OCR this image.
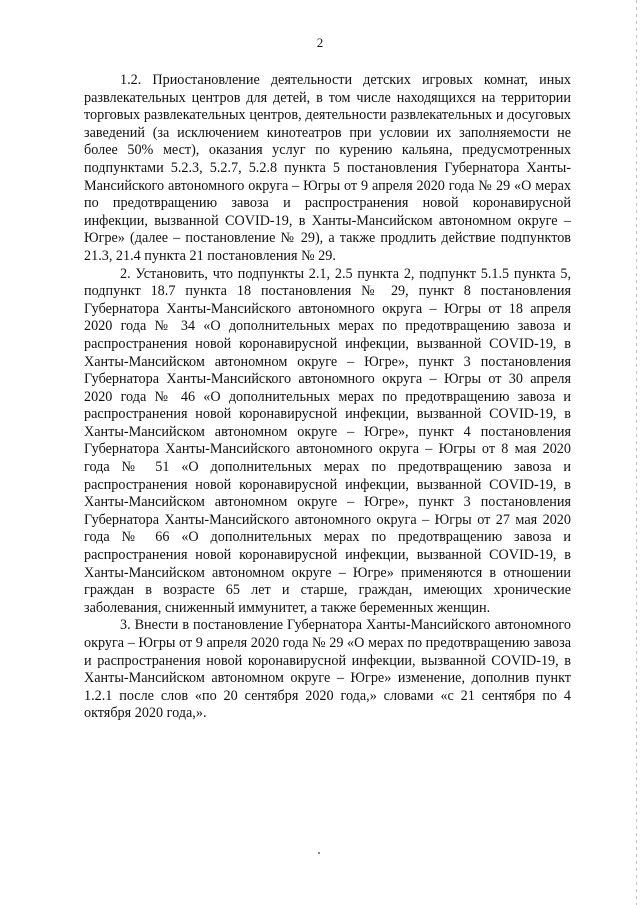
2

1.2. Приостановление деятельности детских игровых комнат, иных развлекательных центров для детей, в том числе находящихся на территории торговых развлекательных центров, деятельности развлекательных и досуговых заведений (за исключением кинотеатров при условии их заполняемости не более 50% мест), оказания услуг по курению кальяна, предусмотренных подпунктами 5.2.3, 5.2.7, 5.2.8 пункта 5 постановления Губернатора Ханты-Мансийского автономного округа – Югры от 9 апреля 2020 года № 29 «О мерах по предотвращению завоза и распространения новой коронавирусной инфекции, вызванной COVID-19, в Ханты-Мансийском автономном округе – Югре» (далее – постановление № 29), а также продлить действие подпунктов 21.3, 21.4 пункта 21 постановления № 29.

2. Установить, что подпункты 2.1, 2.5 пункта 2, подпункт 5.1.5 пункта 5, подпункт 18.7 пункта 18 постановления № 29, пункт 8 постановления Губернатора Ханты-Мансийского автономного округа – Югры от 18 апреля 2020 года № 34 «О дополнительных мерах по предотвращению завоза и распространения новой коронавирусной инфекции, вызванной COVID-19, в Ханты-Мансийском автономном округе – Югре», пункт 3 постановления Губернатора Ханты-Мансийского автономного округа – Югры от 30 апреля 2020 года № 46 «О дополнительных мерах по предотвращению завоза и распространения новой коронавирусной инфекции, вызванной COVID-19, в Ханты-Мансийском автономном округе – Югре», пункт 4 постановления Губернатора Ханты-Мансийского автономного округа – Югры от 8 мая 2020 года № 51 «О дополнительных мерах по предотвращению завоза и распространения новой коронавирусной инфекции, вызванной COVID-19, в Ханты-Мансийском автономном округе – Югре», пункт 3 постановления Губернатора Ханты-Мансийского автономного округа – Югры от 27 мая 2020 года № 66 «О дополнительных мерах по предотвращению завоза и распространения новой коронавирусной инфекции, вызванной COVID-19, в Ханты-Мансийском автономном округе – Югре» применяются в отношении граждан в возрасте 65 лет и старше, граждан, имеющих хронические заболевания, сниженный иммунитет, а также беременных женщин.

3. Внести в постановление Губернатора Ханты-Мансийского автономного округа – Югры от 9 апреля 2020 года № 29 «О мерах по предотвращению завоза и распространения новой коронавирусной инфекции, вызванной COVID-19, в Ханты-Мансийском автономном округе – Югре» изменение, дополнив пункт 1.2.1 после слов «по 20 сентября 2020 года,» словами «с 21 сентября по 4 октября 2020 года,».
